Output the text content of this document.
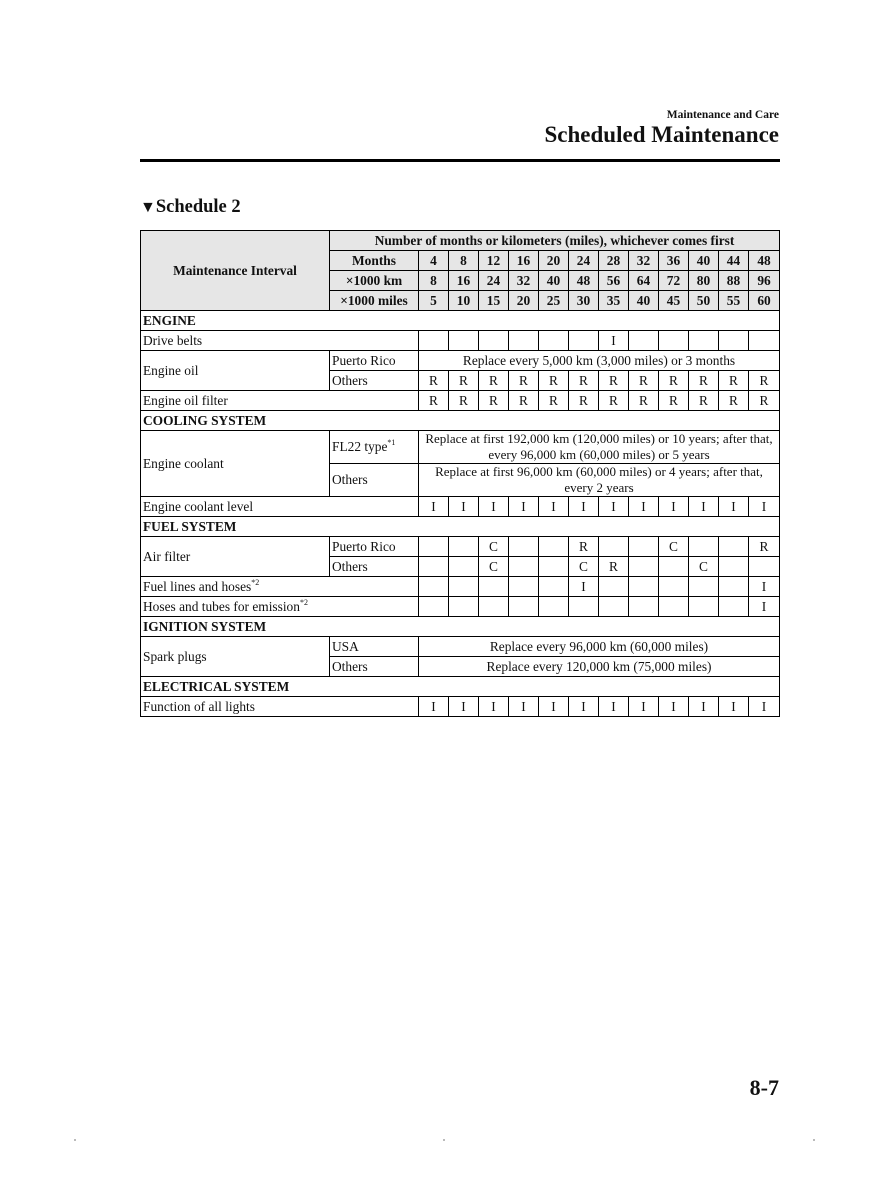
Maintenance and Care
Scheduled Maintenance
▼Schedule 2
Maintenance Interval	Number of months or kilometers (miles), whichever comes first												
	Months	4	8	12	16	20	24	28	32	36	40	44	48
	×1000 km	8	16	24	32	40	48	56	64	72	80	88	96
	×1000 miles	5	10	15	20	25	30	35	40	45	50	55	60
ENGINE													
Drive belts								I					
Engine oil	Puerto Rico	Replace every 5,000 km (3,000 miles) or 3 months											
	Others	R	R	R	R	R	R	R	R	R	R	R	R
Engine oil filter		R	R	R	R	R	R	R	R	R	R	R	R
COOLING SYSTEM													
Engine coolant	FL22 type$^{*1}$	Replace at first 192,000 km (120,000 miles) or 10 years; after that, every 96,000 km (60,000 miles) or 5 years											
	Others	Replace at first 96,000 km (60,000 miles) or 4 years; after that, every 2 years											
Engine coolant level		I	I	I	I	I	I	I	I	I	I	I	I
FUEL SYSTEM													
Air filter	Puerto Rico			C			R			C			R
	Others			C			C	R			C		
Fuel lines and hoses$^{*2}$							I						I
Hoses and tubes for emission$^{*2}$													I
IGNITION SYSTEM													
Spark plugs	USA	Replace every 96,000 km (60,000 miles)											
	Others	Replace every 120,000 km (75,000 miles)											
ELECTRICAL SYSTEM													
Function of all lights		I	I	I	I	I	I	I	I	I	I	I	I
8-7
